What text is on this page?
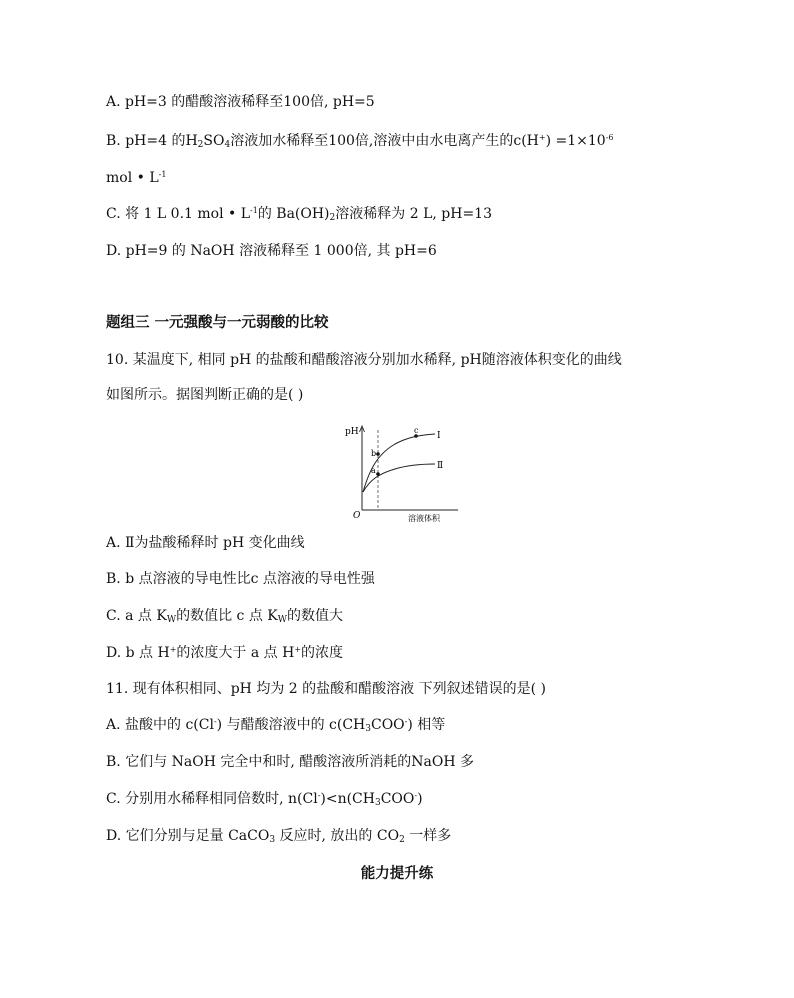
A. pH=3 的醋酸溶液稀释至100倍, pH=5
B. pH=4 的$H_2SO_4$溶液加水稀释至100倍,溶液中由水电离产生的$c(H^+) =1\times 10^{-6}$
mol • $L^{-1}$
C. 将 1 L 0.1 mol • $L^{-1}$的 $Ba(OH)_2$溶液稀释为 2 L, pH=13
D. pH=9 的 NaOH 溶液稀释至 1 000倍, 其 pH=6
题组三 一元强酸与一元弱酸的比较
10. 某温度下, 相同 pH 的盐酸和醋酸溶液分别加水稀释, pH随溶液体积变化的曲线
如图所示。据图判断正确的是( )
pH
O	溶液体积
Ⅰ
Ⅱ
a
b
c
A. Ⅱ为盐酸稀释时 pH 变化曲线
B. b 点溶液的导电性比c 点溶液的导电性强
C. a 点 $K_W$的数值比 c 点 $K_W$的数值大
D. b 点 H+的浓度大于 a 点 H+的浓度
11. 现有体积相同、pH 均为 2 的盐酸和醋酸溶液 下列叙述错误的是( )
A. 盐酸中的 c(Cl-) 与醋酸溶液中的 $c(CH_3COO^-)$ 相等
B. 它们与 NaOH 完全中和时, 醋酸溶液所消耗的NaOH 多
C. 分别用水稀释相同倍数时, $n(Cl^-)<n(CH_3COO^-)$
D. 它们分别与足量 CaCO$_3$ 反应时, 放出的 $CO_2$ 一样多
能力提升练
